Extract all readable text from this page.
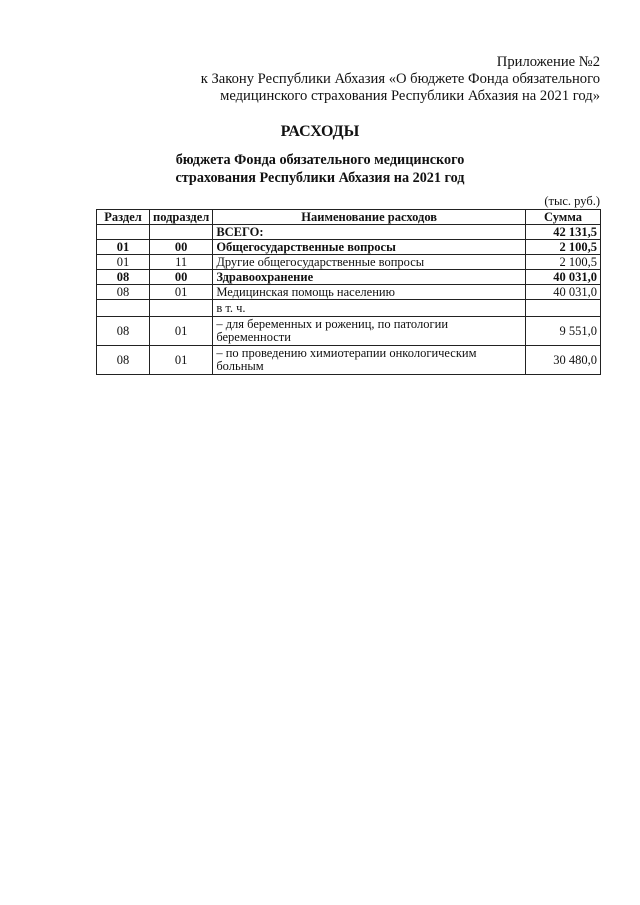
Приложение №2
к Закону Республики Абхазия «О бюджете Фонда обязательного
медицинского страхования Республики Абхазия на 2021 год»
РАСХОДЫ
бюджета Фонда обязательного медицинского
страхования Республики Абхазия на 2021 год
(тыс. руб.)
Раздел	подраздел	Наименование расходов	Сумма
		ВСЕГО:	42 131,5
01	00	Общегосударственные вопросы	2 100,5
01	11	Другие общегосударственные вопросы	2 100,5
08	00	Здравоохранение	40 031,0
08	01	Медицинская помощь населению	40 031,0
		в т. ч.	
08	01	– для беременных и рожениц, по патологии беременности	9 551,0
08	01	– по проведению химиотерапии онкологическим больным	30 480,0
